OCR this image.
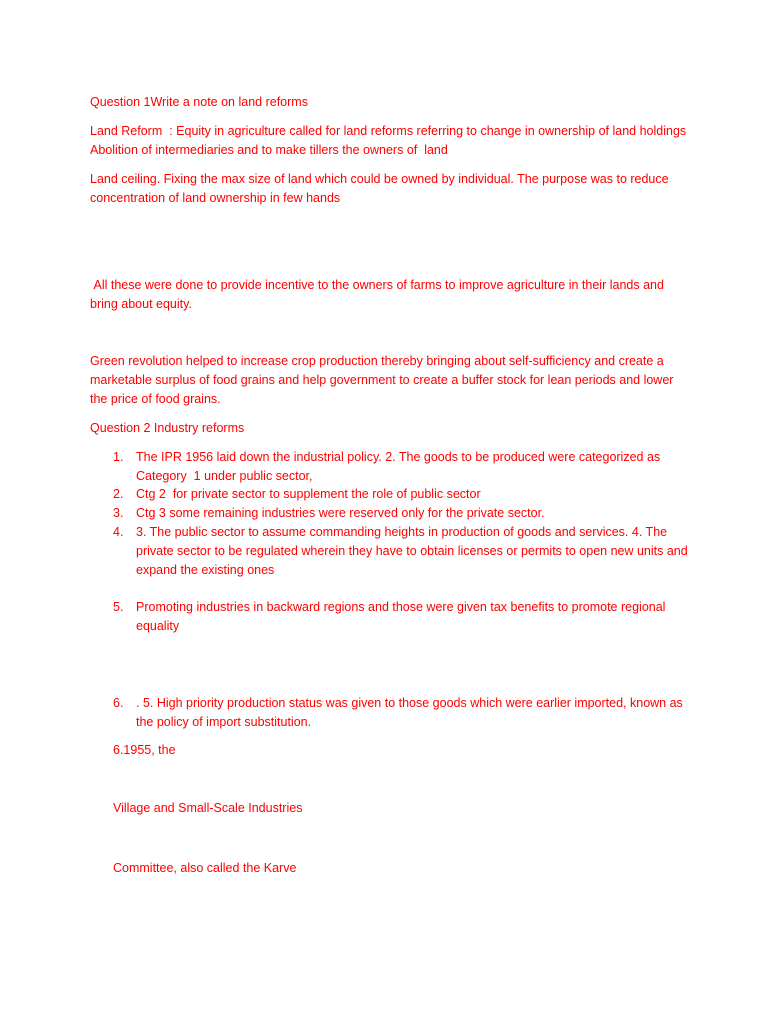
Question 1Write a note on land reforms

Land Reform  : Equity in agriculture called for land reforms referring to change in ownership of land holdings Abolition of intermediaries and to make tillers the owners of  land

Land ceiling. Fixing the max size of land which could be owned by individual. The purpose was to reduce concentration of land ownership in few hands

All these were done to provide incentive to the owners of farms to improve agriculture in their lands and bring about equity.

Green revolution helped to increase crop production thereby bringing about self-sufficiency and create a marketable surplus of food grains and help government to create a buffer stock for lean periods and lower the price of food grains.

Question 2 Industry reforms

1.	The IPR 1956 laid down the industrial policy. 2. The goods to be produced were categorized as Category  1 under public sector,

2.	Ctg 2  for private sector to supplement the role of public sector

3.	Ctg 3 some remaining industries were reserved only for the private sector.

4.	3. The public sector to assume commanding heights in production of goods and services. 4. The private sector to be regulated wherein they have to obtain licenses or permits to open new units and expand the existing ones

5.	Promoting industries in backward regions and those were given tax benefits to promote regional equality

6.	. 5. High priority production status was given to those goods which were earlier imported, known as the policy of import substitution.

6.1955, the

Village and Small-Scale Industries

Committee, also called the Karve
